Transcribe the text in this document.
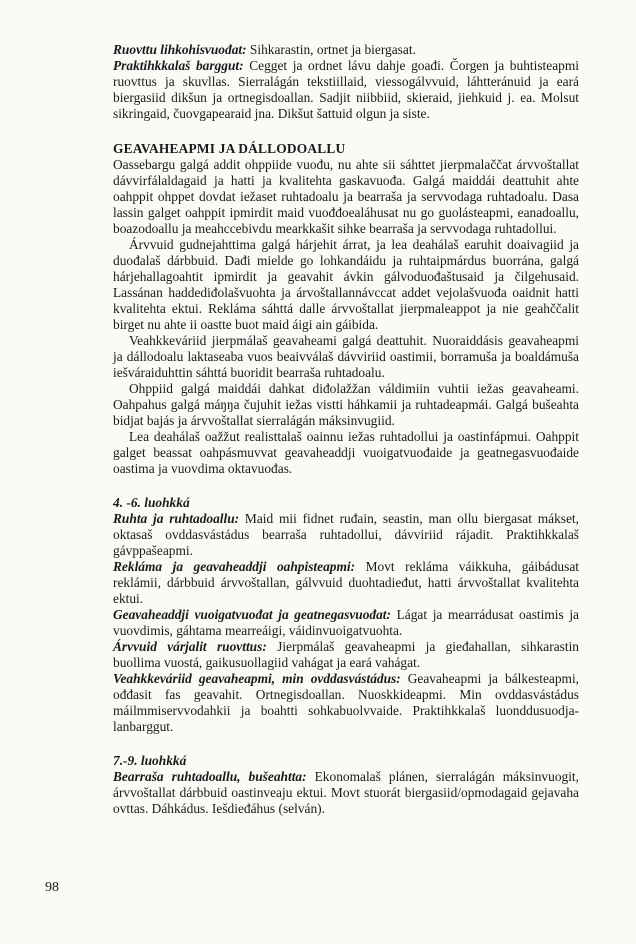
Ruovttu lihkohisvuođat: Sihkarastin, ortnet ja biergasat.

Praktihkkalaš barggut: Cegget ja ordnet lávu dahje goađi. Čorgen ja buhtisteapmi ruovttus ja skuvllas. Sierralágán tekstiillaid, viessogálvvuid, láhtteránuid ja eará biergasiid dikšun ja ortnegisdoallan. Sadjit niibbiid, skieraid, jiehkuid j. ea. Molsut sikringaid, čuovgapearaid jna. Dikšut šattuid olgun ja siste.

GEAVAHEAPMI JA DÁLLODOALLU

Oassebargu galgá addit ohppiide vuođu, nu ahte sii sáhttet jierpmalaččat árvvoštallat dávvirfálaldagaid ja hatti ja kvalitehta gaskavuođa. Galgá maiddái deattuhit ahte oahppit ohppet dovdat iežaset ruhtadoalu ja bearraša ja servvodaga ruhtadoalu. Dasa lassin galget oahppit ipmirdit maid vuođđoealáhusat nu go guolásteapmi, eanadoallu, boazodoallu ja meahccebivdu mearkkašit sihke bearraša ja servvodaga ruhtadollui.

Árvvuid gudnejahttima galgá hárjehit árrat, ja lea deahálaš earuhit doaivagiid ja duođalaš dárbbuid. Dađi mielde go lohkandáidu ja ruhtaipmárdus buorrána, galgá hárjehallagoahtit ipmirdit ja geavahit ávkin gálvoduođaštusaid ja čilgehusaid. Lassánan haddediđolašvuohta ja árvoštallannávccat addet vejolašvuođa oaidnit hatti kvalitehta ektui. Rekláma sáhttá dalle árvvoštallat jierpmaleappot ja nie geahččalit birget nu ahte ii oastte buot maid áigi ain gáibida.

Veahkkeváriid jierpmálaš geavaheami galgá deattuhit. Nuoraiddásis geavaheapmi ja dállodoalu laktaseaba vuos beaivválaš dávviriid oastimii, borramuša ja boaldámuša iešváraiduhttin sáhttá buoridit bearraša ruhtadoalu.

Ohppiid galgá maiddái dahkat diđolažžan váldimiin vuhtii iežas geavaheami. Oahpahus galgá máŋŋa čujuhit iežas vistti háhkamii ja ruhtadeapmái. Galgá bušeahta bidjat bajás ja árvvoštallat sierralágán máksinvugiid.

Lea deahálaš oažžut realisttalaš oainnu iežas ruhtadollui ja oastinfápmui. Oahppit galget beassat oahpásmuvvat geavaheaddji vuoigatvuođaide ja geatnegasvuođaide oastima ja vuovdima oktavuođas.

4. -6. luohkká

Ruhta ja ruhtadoallu: Maid mii fidnet ruđain, seastin, man ollu biergasat mákset, oktasaš ovddasvástádus bearraša ruhtadollui, dávviriid rájadit. Praktihkkalaš gávppašeapmi.

Rekláma ja geavaheaddji oahpisteapmi: Movt rekláma váikkuha, gáibádusat reklámii, dárbbuid árvvoštallan, gálvvuid duohtadieđut, hatti árvvoštallat kvalitehta ektui.

Geavaheaddji vuoigatvuođat ja geatnegasvuođat: Lágat ja mearrádusat oastimis ja vuovdimis, gáhtama mearreáigi, váidinvuoigatvuohta.

Árvvuid várjalit ruovttus: Jierpmálaš geavaheapmi ja gieđahallan, sihkarastin buollima vuostá, gaikusuollagiid vahágat ja eará vahágat.

Veahkkeváriid geavaheapmi, min ovddasvástádus: Geavaheapmi ja bálkesteapmi, ođđasit fas geavahit. Ortnegisdoallan. Nuoskkideapmi. Min ovddasvástádus máilmmiservvodahkii ja boahtti sohkabuolvvaide. Praktihkkalaš luonddusuodjalanbarggut.

7.-9. luohkká

Bearraša ruhtadoallu, bušeahtta: Ekonomalaš plánen, sierralágán máksinvuogit, árvvoštallat dárbbuid oastinveaju ektui. Movt stuorát biergasiid/opmodagaid gejavaha ovttas. Dáhkádus. Iešdieđáhus (selván).

98
